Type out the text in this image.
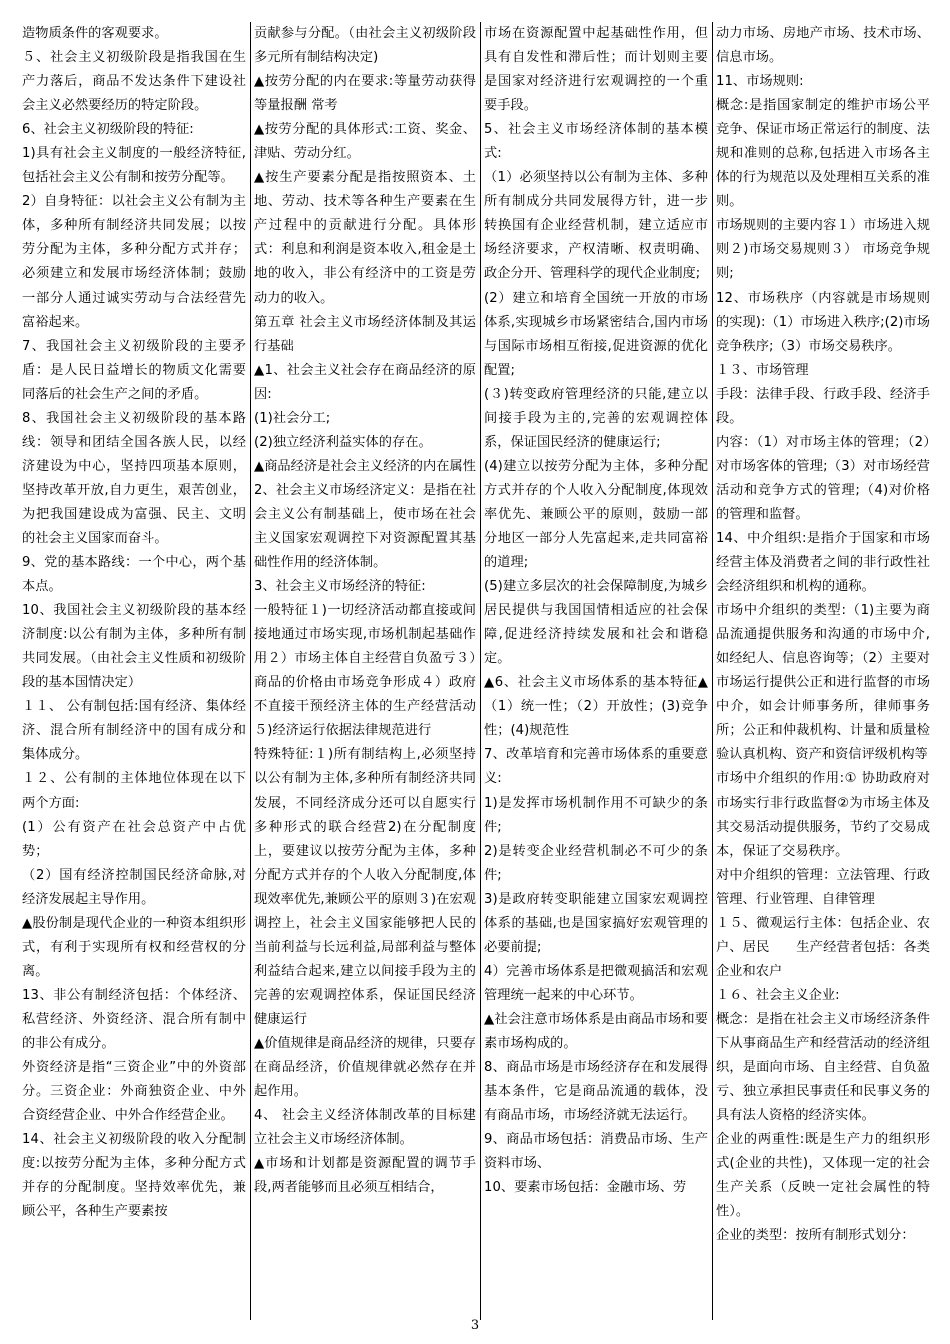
造物质条件的客观要求。

５、社会主义初级阶段是指我国在生产力落后，商品不发达条件下建设社会主义必然要经历的特定阶段。

6、社会主义初级阶段的特征:

1)具有社会主义制度的一般经济特征,包括社会主义公有制和按劳分配等。

2）自身特征：以社会主义公有制为主体，多种所有制经济共同发展；以按劳分配为主体，多种分配方式并存；必须建立和发展市场经济体制；鼓励一部分人通过诚实劳动与合法经营先富裕起来。

7、我国社会主义初级阶段的主要矛盾：是人民日益增长的物质文化需要同落后的社会生产之间的矛盾。

8、我国社会主义初级阶段的基本路线：领导和团结全国各族人民，以经济建设为中心，坚持四项基本原则，坚持改革开放,自力更生，艰苦创业，为把我国建设成为富强、民主、文明的社会主义国家而奋斗。

9、党的基本路线：一个中心，两个基本点。

10、我国社会主义初级阶段的基本经济制度:以公有制为主体，多种所有制共同发展。（由社会主义性质和初级阶段的基本国情决定）

１１、 公有制包括:国有经济、集体经济、混合所有制经济中的国有成分和集体成分。

１２、公有制的主体地位体现在以下两个方面:

(1）公有资产在社会总资产中占优势；

（2）国有经济控制国民经济命脉,对经济发展起主导作用。

▲股份制是现代企业的一种资本组织形式，有利于实现所有权和经营权的分离。

13、非公有制经济包括：个体经济、私营经济、外资经济、混合所有制中的非公有成分。

外资经济是指“三资企业”中的外资部分。三资企业：外商独资企业、中外合资经营企业、中外合作经营企业。

14、社会主义初级阶段的收入分配制度:以按劳分配为主体，多种分配方式并存的分配制度。坚持效率优先，兼顾公平，各种生产要素按

贡献参与分配。（由社会主义初级阶段多元所有制结构决定)

▲按劳分配的内在要求:等量劳动获得等量报酬 常考

▲按劳分配的具体形式:工资、奖金、津贴、劳动分红。

▲按生产要素分配是指按照资本、土地、劳动、技术等各种生产要素在生产过程中的贡献进行分配。具体形式：利息和利润是资本收入,租金是土地的收入，非公有经济中的工资是劳动力的收入。

第五章 社会主义市场经济体制及其运行基础

▲1、社会主义社会存在商品经济的原因:

(1)社会分工;

(2)独立经济利益实体的存在。

▲商品经济是社会主义经济的内在属性

2、社会主义市场经济定义：是指在社会主义公有制基础上，使市场在社会主义国家宏观调控下对资源配置其基础性作用的经济体制。

3、社会主义市场经济的特征:

一般特征１)一切经济活动都直接或间接地通过市场实现,市场机制起基础作用２）市场主体自主经营自负盈亏３）商品的价格由市场竞争形成４）政府不直接干预经济主体的生产经营活动５)经济运行依据法律规范进行

特殊特征:１)所有制结构上,必须坚持以公有制为主体,多种所有制经济共同发展，不同经济成分还可以自愿实行多种形式的联合经营2)在分配制度上，要建议以按劳分配为主体，多种分配方式并存的个人收入分配制度,体现效率优先,兼顾公平的原则３)在宏观调控上，社会主义国家能够把人民的当前利益与长远利益,局部利益与整体利益结合起来,建立以间接手段为主的完善的宏观调控体系，保证国民经济健康运行

▲价值规律是商品经济的规律，只要存在商品经济，价值规律就必然存在并起作用。

4、 社会主义经济体制改革的目标建立社会主义市场经济体制。

▲市场和计划都是资源配置的调节手段,两者能够而且必须互相结合，

市场在资源配置中起基础性作用，但具有自发性和滞后性；而计划则主要是国家对经济进行宏观调控的一个重要手段。

5、社会主义市场经济体制的基本模式:

（1）必须坚持以公有制为主体、多种所有制成分共同发展得方针，进一步转换国有企业经营机制，建立适应市场经济要求，产权清晰、权责明确、政企分开、管理科学的现代企业制度;

(2）建立和培育全国统一开放的市场体系,实现城乡市场紧密结合,国内市场与国际市场相互衔接,促进资源的优化配置;

(３)转变政府管理经济的只能,建立以间接手段为主的,完善的宏观调控体系，保证国民经济的健康运行;

(4)建立以按劳分配为主体，多种分配方式并存的个人收入分配制度,体现效率优先、兼顾公平的原则，鼓励一部分地区一部分人先富起来,走共同富裕的道理;

(5)建立多层次的社会保障制度,为城乡居民提供与我国国情相适应的社会保障,促进经济持续发展和社会和谐稳定。

▲6、社会主义市场体系的基本特征▲（1）统一性；（2）开放性；(3)竞争性；(4)规范性

7、改革培育和完善市场体系的重要意义:

1)是发挥市场机制作用不可缺少的条件;

2)是转变企业经营机制必不可少的条件;

3)是政府转变职能建立国家宏观调控体系的基础,也是国家搞好宏观管理的必要前提;

4）完善市场体系是把微观搞活和宏观管理统一起来的中心环节。

▲社会注意市场体系是由商品市场和要素市场构成的。

8、商品市场是市场经济存在和发展得基本条件，它是商品流通的载体，没有商品市场，市场经济就无法运行。

9、商品市场包括：消费品市场、生产资料市场、

10、要素市场包括：金融市场、劳

动力市场、房地产市场、技术市场、信息市场。

11、市场规则:

概念:是指国家制定的维护市场公平竞争、保证市场正常运行的制度、法规和准则的总称,包括进入市场各主体的行为规范以及处理相互关系的准则。

市场规则的主要内容１）市场进入规则２)市场交易规则３） 市场竞争规则;

12、市场秩序（内容就是市场规则的实现):（1）市场进入秩序;(2)市场竞争秩序;（3）市场交易秩序。

１３、市场管理

手段：法律手段、行政手段、经济手段。

内容：（1）对市场主体的管理；（2）对市场客体的管理;（3）对市场经营活动和竞争方式的管理;（4)对价格的管理和监督。

14、中介组织:是指介于国家和市场经营主体及消费者之间的非行政性社会经济组织和机构的通称。

市场中介组织的类型:（1)主要为商品流通提供服务和沟通的市场中介,如经纪人、信息咨询等；（2）主要对市场运行提供公正和进行监督的市场中介，如会计师事务所，律师事务所；公正和仲裁机构、计量和质量检验认真机构、资产和资信评级机构等

市场中介组织的作用:① 协助政府对市场实行非行政监督②为市场主体及其交易活动提供服务，节约了交易成本，保证了交易秩序。

对中介组织的管理：立法管理、行政管理、行业管理、自律管理

１５、微观运行主体：包括企业、农户、居民　　生产经营者包括：各类企业和农户

１６、社会主义企业:

概念：是指在社会主义市场经济条件下从事商品生产和经营活动的经济组织，是面向市场、自主经营、自负盈亏、独立承担民事责任和民事义务的具有法人资格的经济实体。

企业的两重性:既是生产力的组织形式(企业的共性)，又体现一定的社会生产关系（反映一定社会属性的特性）。

企业的类型：按所有制形式划分：

3
